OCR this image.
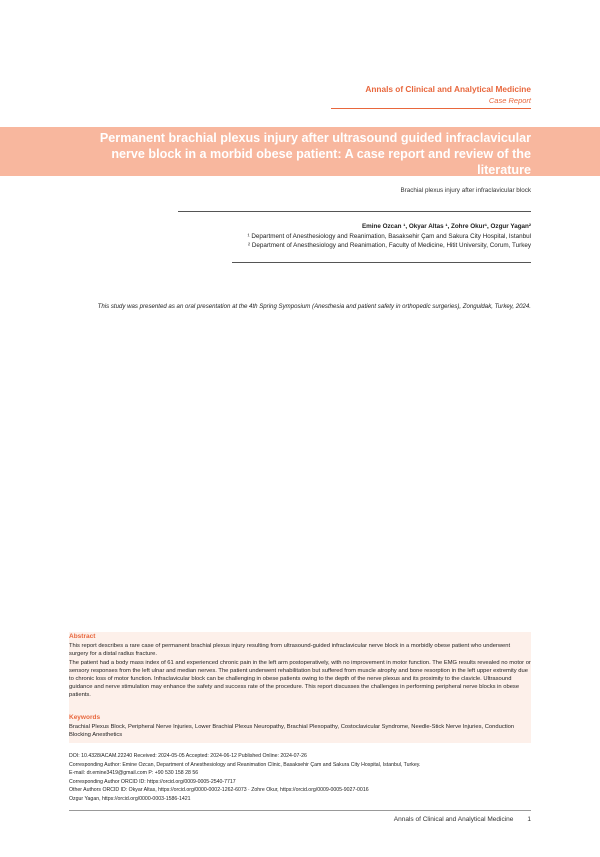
Annals of Clinical and Analytical Medicine
Case Report
Permanent brachial plexus injury after ultrasound guided infraclavicular nerve block in a morbid obese patient: A case report and review of the literature
Brachial plexus injury after infraclavicular block
Emine Ozcan ¹, Okyar Altas ¹, Zohre Okur¹, Ozgur Yagan²
¹ Department of Anesthesiology and Reanimation, Basaksehir Çam and Sakura City Hospital, Istanbul
² Department of Anesthesiology and Reanimation, Faculty of Medicine, Hitit University, Corum, Turkey
This study was presented as an oral presentation at the 4th Spring Symposium (Anesthesia and patient safety in orthopedic surgeries), Zonguldak, Turkey, 2024.
Abstract
This report describes a rare case of permanent brachial plexus injury resulting from ultrasound-guided infraclavicular nerve block in a morbidly obese patient who underwent surgery for a distal radius fracture.
The patient had a body mass index of 61 and experienced chronic pain in the left arm postoperatively, with no improvement in motor function. The EMG results revealed no motor or sensory responses from the left ulnar and median nerves. The patient underwent rehabilitation but suffered from muscle atrophy and bone resorption in the left upper extremity due to chronic loss of motor function. Infraclavicular block can be challenging in obese patients owing to the depth of the nerve plexus and its proximity to the clavicle. Ultrasound guidance and nerve stimulation may enhance the safety and success rate of the procedure. This report discusses the challenges in performing peripheral nerve blocks in obese patients.
Keywords
Brachial Plexus Block, Peripheral Nerve Injuries, Lower Brachial Plexus Neuropathy, Brachial Plexopathy, Costoclavicular Syndrome, Needle-Stick Nerve Injuries, Conduction Blocking Anesthetics
DOI: 10.4328/ACAM.22240 Received: 2024-05-05 Accepted: 2024-06-12 Published Online: 2024-07-26
Corresponding Author: Emine Ozcan, Department of Anesthesiology and Reanimation Clinic, Basaksehir Çam and Sakura City Hospital, Istanbul, Turkey.
E-mail: dr.emine3419@gmail.com P: +90 530 158 28 56
Corresponding Author ORCID ID: https://orcid.org/0009-0005-2540-7717
Other Authors ORCID ID: Okyar Altas, https://orcid.org/0000-0002-1262-6073 · Zohre Okur, https://orcid.org/0009-0005-9027-0016
Ozgur Yagan, https://orcid.org/0000-0003-1586-1421
Annals of Clinical and Analytical Medicine 1
